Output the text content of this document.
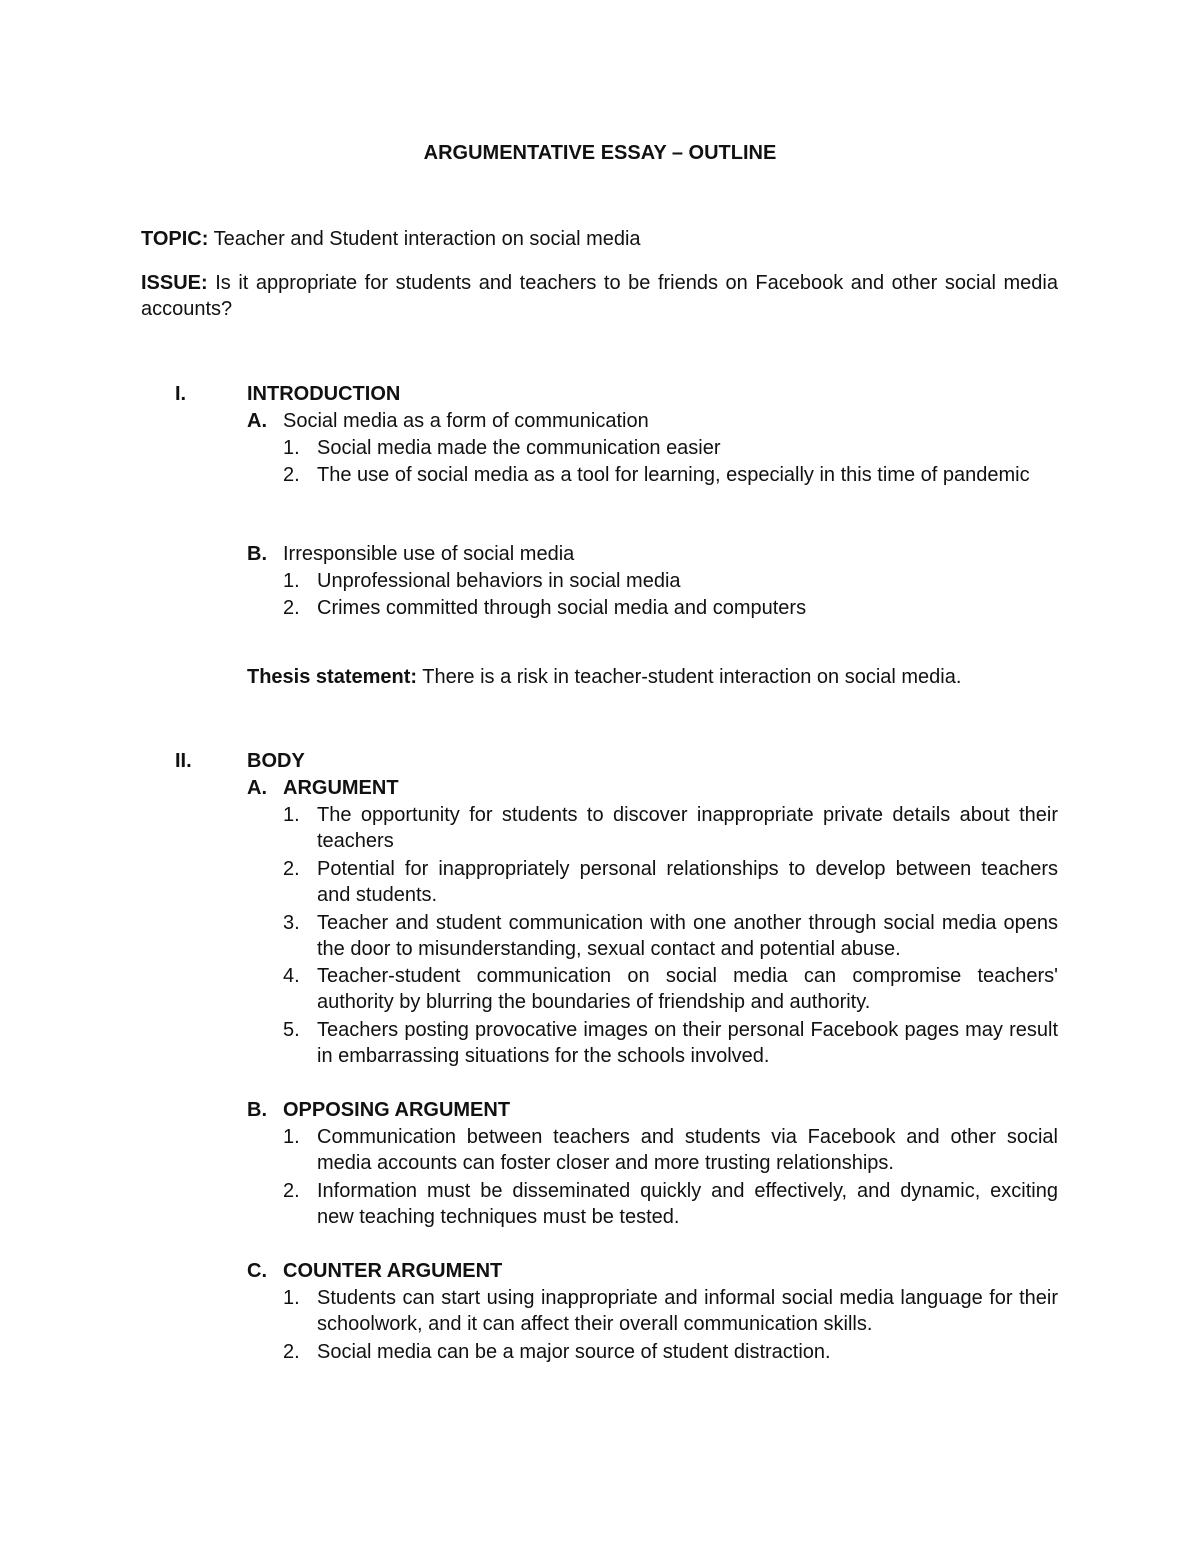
ARGUMENTATIVE ESSAY – OUTLINE
TOPIC: Teacher and Student interaction on social media
ISSUE: Is it appropriate for students and teachers to be friends on Facebook and other social media accounts?
I.	INTRODUCTION
A. Social media as a form of communication
1. Social media made the communication easier
2. The use of social media as a tool for learning, especially in this time of pandemic
B. Irresponsible use of social media
1. Unprofessional behaviors in social media
2. Crimes committed through social media and computers
Thesis statement: There is a risk in teacher-student interaction on social media.
II.	BODY
A. ARGUMENT
1. The opportunity for students to discover inappropriate private details about their teachers
2. Potential for inappropriately personal relationships to develop between teachers and students.
3. Teacher and student communication with one another through social media opens the door to misunderstanding, sexual contact and potential abuse.
4. Teacher-student communication on social media can compromise teachers' authority by blurring the boundaries of friendship and authority.
5. Teachers posting provocative images on their personal Facebook pages may result in embarrassing situations for the schools involved.
B. OPPOSING ARGUMENT
1. Communication between teachers and students via Facebook and other social media accounts can foster closer and more trusting relationships.
2. Information must be disseminated quickly and effectively, and dynamic, exciting new teaching techniques must be tested.
C. COUNTER ARGUMENT
1. Students can start using inappropriate and informal social media language for their schoolwork, and it can affect their overall communication skills.
2. Social media can be a major source of student distraction.
